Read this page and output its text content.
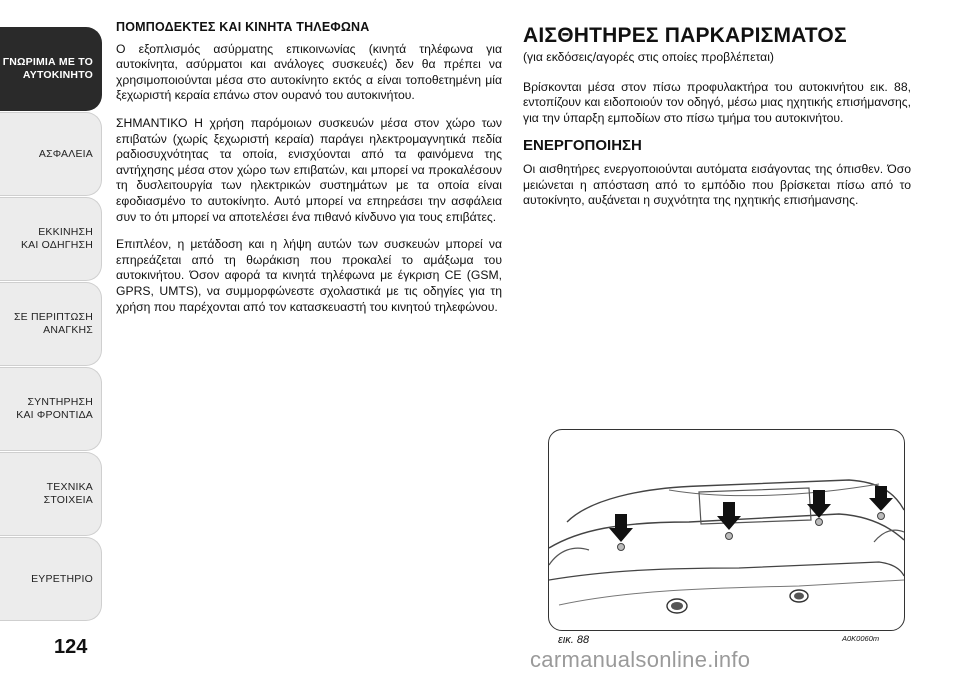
ΓΝΩΡΙΜΙΑ ΜΕ ΤΟ
ΑΥΤΟΚΙΝΗΤΟ
ΑΣΦΑΛΕΙΑ
ΕΚΚΙΝΗΣΗ
ΚΑΙ ΟΔΗΓΗΣΗ
ΣΕ ΠΕΡΙΠΤΩΣΗ
ΑΝΑΓΚΗΣ
ΣΥΝΤΗΡΗΣΗ
ΚΑΙ ΦΡΟΝΤΙΔΑ
ΤΕΧΝΙΚΑ
ΣΤΟΙΧΕΙΑ
ΕΥΡΕΤΗΡΙΟ
124
ΠΟΜΠΟΔΕΚΤΕΣ ΚΑΙ ΚΙΝΗΤΑ ΤΗΛΕΦΩΝΑ

Ο εξοπλισμός ασύρματης επικοινωνίας (κινητά τηλέφωνα για αυτοκίνητα, ασύρματοι και ανάλογες συσκευές) δεν θα πρέπει να χρησιμοποιούνται μέσα στο αυτοκίνητο εκτός α είναι τοποθετημένη μία ξεχωριστή κεραία επάνω στον ουρανό του αυτοκινήτου.

ΣΗΜΑΝΤΙΚΟ Η χρήση παρόμοιων συσκευών μέσα στον χώρο των επιβατών (χωρίς ξεχωριστή κεραία) παράγει ηλεκτρομαγνητικά πεδία ραδιοσυχνότητας τα οποία, ενισχύονται από τα φαινόμενα της αντήχησης μέσα στον χώρο των επιβατών, και μπορεί να προκαλέσουν τη δυσλειτουργία των ηλεκτρικών συστημάτων με τα οποία είναι εφοδιασμένο το αυτοκίνητο. Αυτό μπορεί να επηρεάσει την ασφάλεια συν το ότι μπορεί να αποτελέσει ένα πιθανό κίνδυνο για τους επιβάτες.

Επιπλέον, η μετάδοση και η λήψη αυτών των συσκευών μπορεί να επηρεάζεται από τη θωράκιση που προκαλεί το αμάξωμα του αυτοκινήτου. Όσον αφορά τα κινητά τηλέφωνα με έγκριση CE (GSM, GPRS, UMTS), να συμμορφώνεστε σχολαστικά με τις οδηγίες για τη χρήση που παρέχονται από τον κατασκευαστή του κινητού τηλεφώνου.

ΑΙΣΘΗΤΗΡΕΣ ΠΑΡΚΑΡΙΣΜΑΤΟΣ
(για εκδόσεις/αγορές στις οποίες προβλέπεται)

Βρίσκονται μέσα στον πίσω προφυλακτήρα του αυτοκινήτου εικ. 88, εντοπίζουν και ειδοποιούν τον οδηγό, μέσω μιας ηχητικής επισήμανσης, για την ύπαρξη εμποδίων στο πίσω τμήμα του αυτοκινήτου.

ΕΝΕΡΓΟΠΟΙΗΣΗ

Οι αισθητήρες ενεργοποιούνται αυτόματα εισάγοντας της όπισθεν. Όσο μειώνεται η απόσταση από το εμπόδιο που βρίσκεται πίσω από το αυτοκίνητο, αυξάνεται η συχνότητα της ηχητικής επισήμανσης.

εικ. 88	A0K0060m
carmanualsonline.info
